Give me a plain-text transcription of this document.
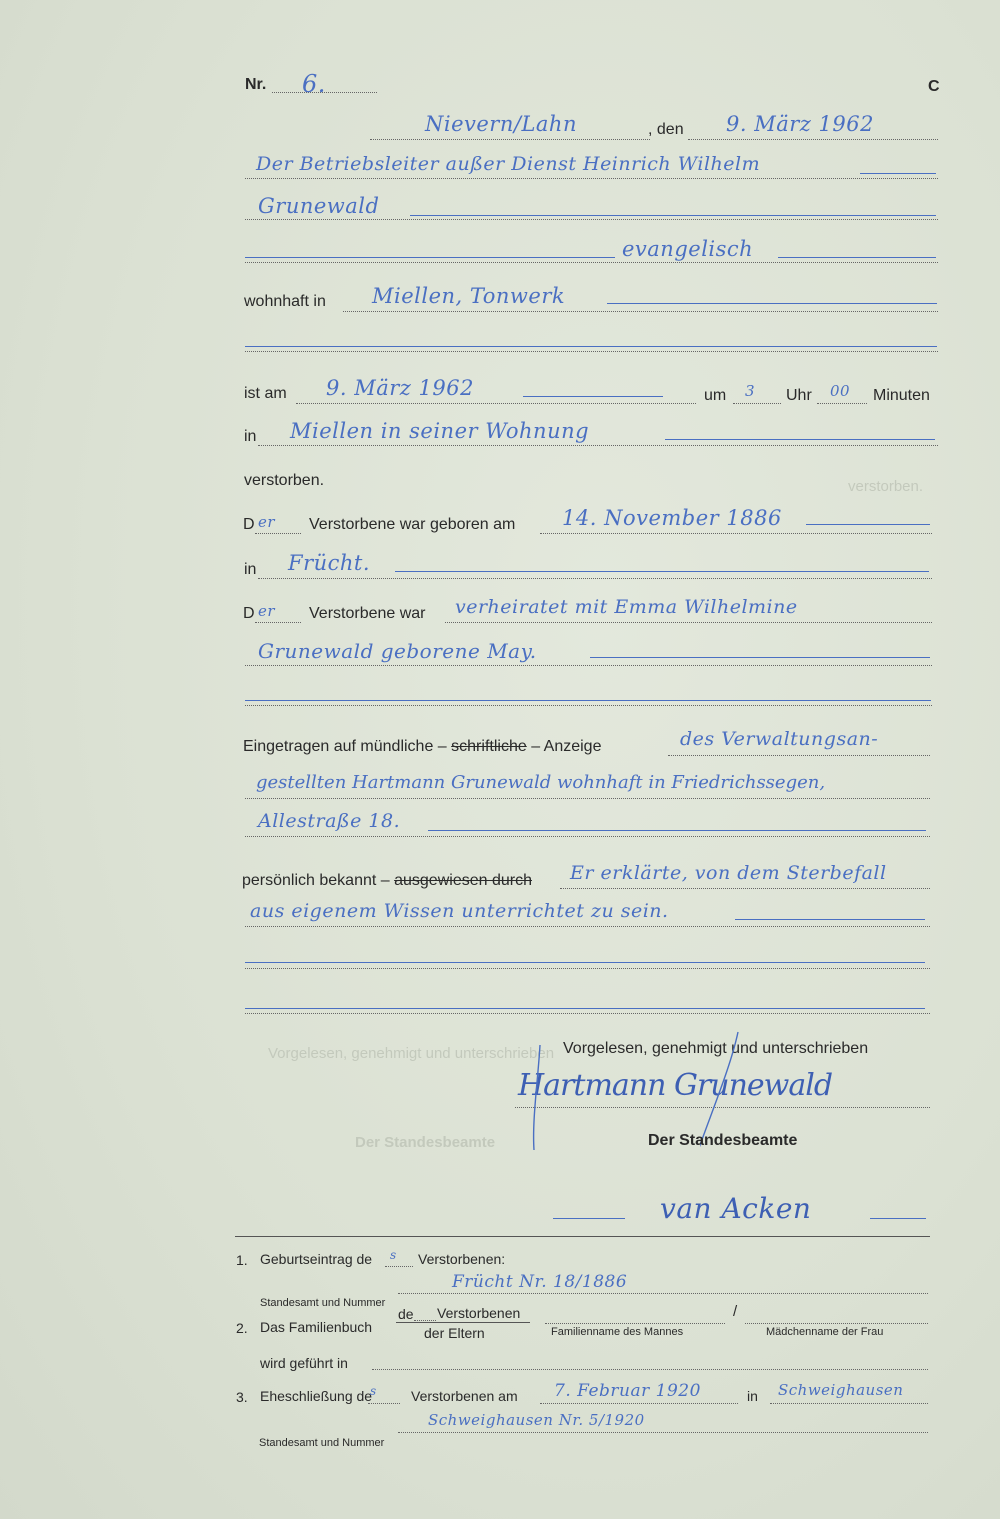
verstorben.
Vorgelesen, genehmigt und unterschrieben
Der Standesbeamte
Nr. 6.	C
Nievern/Lahn	, den 9. März 1962
Der Betriebsleiter außer Dienst Heinrich Wilhelm
Grunewald
evangelisch
wohnhaft in Miellen, Tonwerk
ist am 9. März 1962	um 3 Uhr 00 Minuten
in Miellen in seiner Wohnung
verstorben.
D er Verstorbene war geboren am 14. November 1886
in Frücht.
D er Verstorbene war verheiratet mit Emma Wilhelmine
Grunewald geborene May.
Eingetragen auf mündliche – schriftliche – Anzeige	des Verwaltungsan-
gestellten Hartmann Grunewald wohnhaft in Friedrichssegen,
Allestraße 18.
persönlich bekannt – ausgewiesen durch Er erklärte, von dem Sterbefall
aus eigenem Wissen unterrichtet zu sein.
Vorgelesen, genehmigt und unterschrieben
Hartmann Grunewald
Der Standesbeamte
van Acken
1. Geburtseintrag de s Verstorbenen:
Frücht Nr. 18/1886
Standesamt und Nummer
2. Das Familienbuch
de Verstorbenen
der Eltern
/
Familienname des Mannes	Mädchenname der Frau
wird geführt in
3. Eheschließung de
s Verstorbenen am 7. Februar 1920	in Schweighausen
Schweighausen Nr. 5/1920
Standesamt und Nummer
